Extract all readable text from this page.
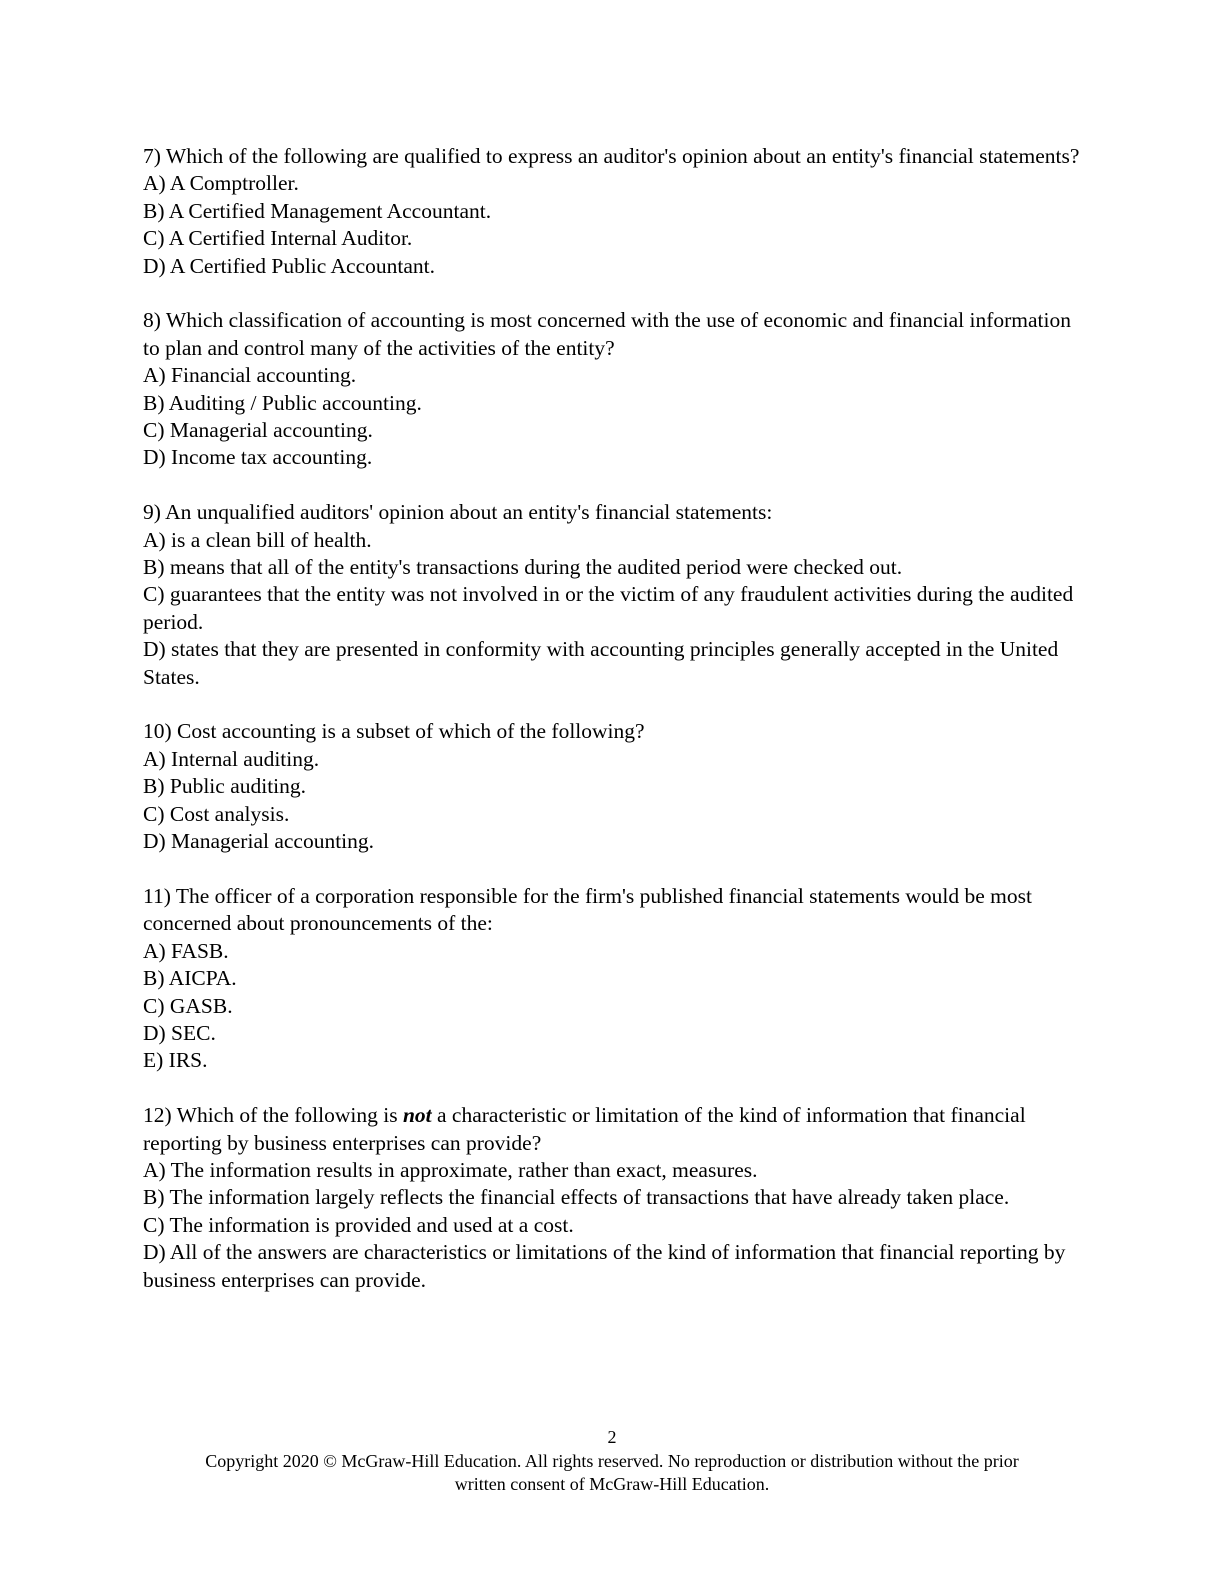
7) Which of the following are qualified to express an auditor's opinion about an entity's financial statements?
A) A Comptroller.
B) A Certified Management Accountant.
C) A Certified Internal Auditor.
D) A Certified Public Accountant.
8) Which classification of accounting is most concerned with the use of economic and financial information to plan and control many of the activities of the entity?
A) Financial accounting.
B) Auditing / Public accounting.
C) Managerial accounting.
D) Income tax accounting.
9) An unqualified auditors' opinion about an entity's financial statements:
A) is a clean bill of health.
B) means that all of the entity's transactions during the audited period were checked out.
C) guarantees that the entity was not involved in or the victim of any fraudulent activities during the audited period.
D) states that they are presented in conformity with accounting principles generally accepted in the United States.
10) Cost accounting is a subset of which of the following?
A) Internal auditing.
B) Public auditing.
C) Cost analysis.
D) Managerial accounting.
11) The officer of a corporation responsible for the firm's published financial statements would be most concerned about pronouncements of the:
A) FASB.
B) AICPA.
C) GASB.
D) SEC.
E) IRS.
12) Which of the following is not a characteristic or limitation of the kind of information that financial reporting by business enterprises can provide?
A) The information results in approximate, rather than exact, measures.
B) The information largely reflects the financial effects of transactions that have already taken place.
C) The information is provided and used at a cost.
D) All of the answers are characteristics or limitations of the kind of information that financial reporting by business enterprises can provide.
2
Copyright 2020 © McGraw-Hill Education. All rights reserved. No reproduction or distribution without the prior
written consent of McGraw-Hill Education.
